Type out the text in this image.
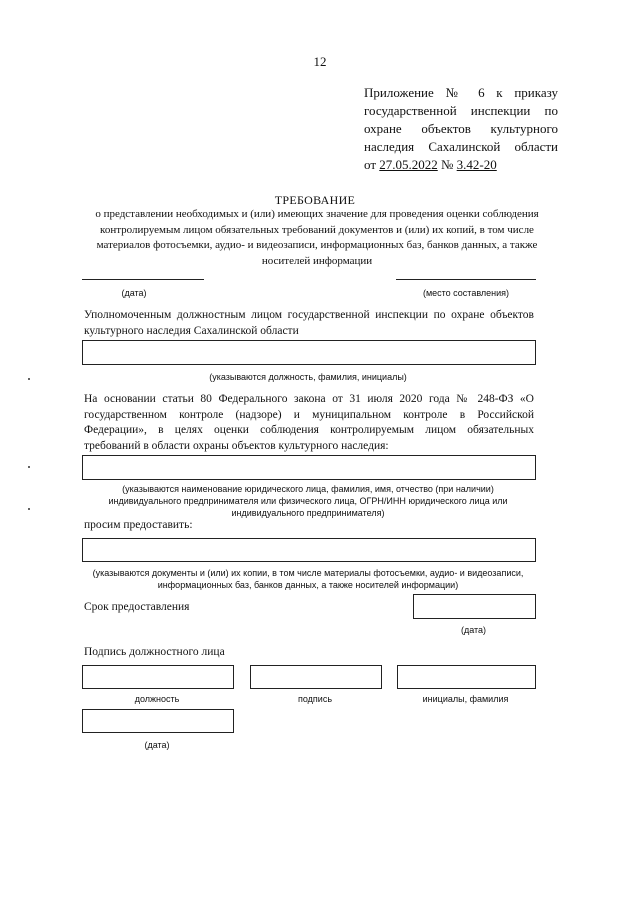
12
Приложение № 6 к приказу
государственной инспекции по
охране объектов культурного
наследия Сахалинской области
от 27.05.2022 № 3.42-20
ТРЕБОВАНИЕ
о представлении необходимых и (или) имеющих значение для проведения оценки соблюдения контролируемым лицом обязательных требований документов и (или) их копий, в том числе материалов фотосъемки, аудио- и видеозаписи, информационных баз, банков данных, а также носителей информации
(дата)	(место составления)
Уполномоченным должностным лицом государственной инспекции по охране объектов культурного наследия Сахалинской области
(указываются должность, фамилия, инициалы)
На основании статьи 80 Федерального закона от 31 июля 2020 года № 248-ФЗ «О государственном контроле (надзоре) и муниципальном контроле в Российской Федерации», в целях оценки соблюдения контролируемым лицом обязательных требований в области охраны объектов культурного наследия:
(указываются наименование юридического лица, фамилия, имя, отчество (при наличии) индивидуального предпринимателя или физического лица, ОГРН/ИНН юридического лица или индивидуального предпринимателя)
просим предоставить:
(указываются документы и (или) их копии, в том числе материалы фотосъемки, аудио- и видеозаписи, информационных баз, банков данных, а также носителей информации)
Срок предоставления
(дата)
Подпись должностного лица
должность	подпись	инициалы, фамилия
(дата)
